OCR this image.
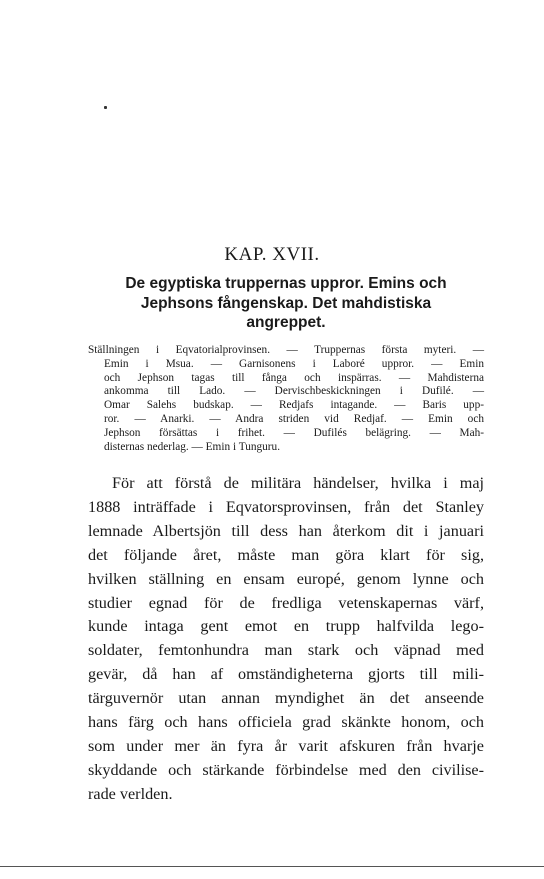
KAP. XVII.
De egyptiska truppernas uppror. Emins och
Jephsons fångenskap. Det mahdistiska
angreppet.
Ställningen i Eqvatorialprovinsen. — Truppernas första myteri. —
Emin i Msua. — Garnisonens i Laboré uppror. — Emin
och Jephson tagas till fånga och inspärras. — Mahdisterna
ankomma till Lado. — Dervischbeskickningen i Dufilé. —
Omar Salehs budskap. — Redjafs intagande. — Baris upp-
ror. — Anarki. — Andra striden vid Redjaf. — Emin och
Jephson försättas i frihet. — Dufilés belägring. — Mah-
disternas nederlag. — Emin i Tunguru.
För att förstå de militära händelser, hvilka i maj
1888 inträffade i Eqvatorsprovinsen, från det Stanley
lemnade Albertsjön till dess han återkom dit i januari
det följande året, måste man göra klart för sig,
hvilken ställning en ensam europé, genom lynne och
studier egnad för de fredliga vetenskapernas värf,
kunde intaga gent emot en trupp halfvilda lego-
soldater, femtonhundra man stark och väpnad med
gevär, då han af omständigheterna gjorts till mili-
tärguvernör utan annan myndighet än det anseende
hans färg och hans officiela grad skänkte honom, och
som under mer än fyra år varit afskuren från hvarje
skyddande och stärkande förbindelse med den civilise-
rade verlden.
